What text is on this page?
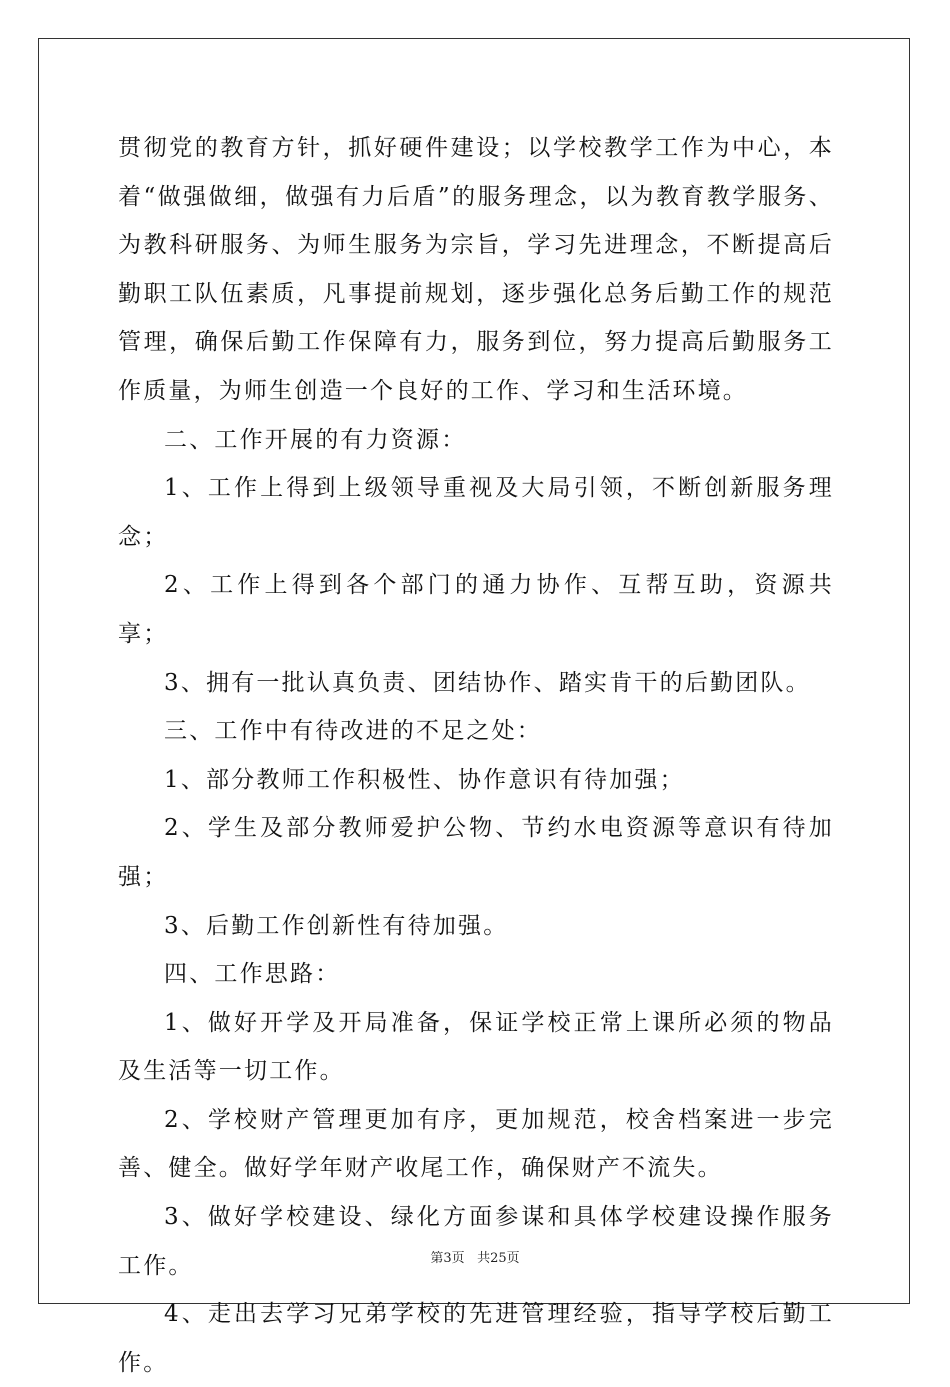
贯彻党的教育方针，抓好硬件建设；以学校教学工作为中心，本着“做强做细，做强有力后盾”的服务理念，以为教育教学服务、为教科研服务、为师生服务为宗旨，学习先进理念，不断提高后勤职工队伍素质，凡事提前规划，逐步强化总务后勤工作的规范管理，确保后勤工作保障有力，服务到位，努力提高后勤服务工作质量，为师生创造一个良好的工作、学习和生活环境。

二、工作开展的有力资源：

1、工作上得到上级领导重视及大局引领，不断创新服务理念；

2、工作上得到各个部门的通力协作、互帮互助，资源共享；

3、拥有一批认真负责、团结协作、踏实肯干的后勤团队。

三、工作中有待改进的不足之处：

1、部分教师工作积极性、协作意识有待加强；

2、学生及部分教师爱护公物、节约水电资源等意识有待加强；

3、后勤工作创新性有待加强。

四、工作思路：

1、做好开学及开局准备，保证学校正常上课所必须的物品及生活等一切工作。

2、学校财产管理更加有序，更加规范，校舍档案进一步完善、健全。做好学年财产收尾工作，确保财产不流失。

3、做好学校建设、绿化方面参谋和具体学校建设操作服务工作。

4、走出去学习兄弟学校的先进管理经验，指导学校后勤工作。

第3页 共25页
